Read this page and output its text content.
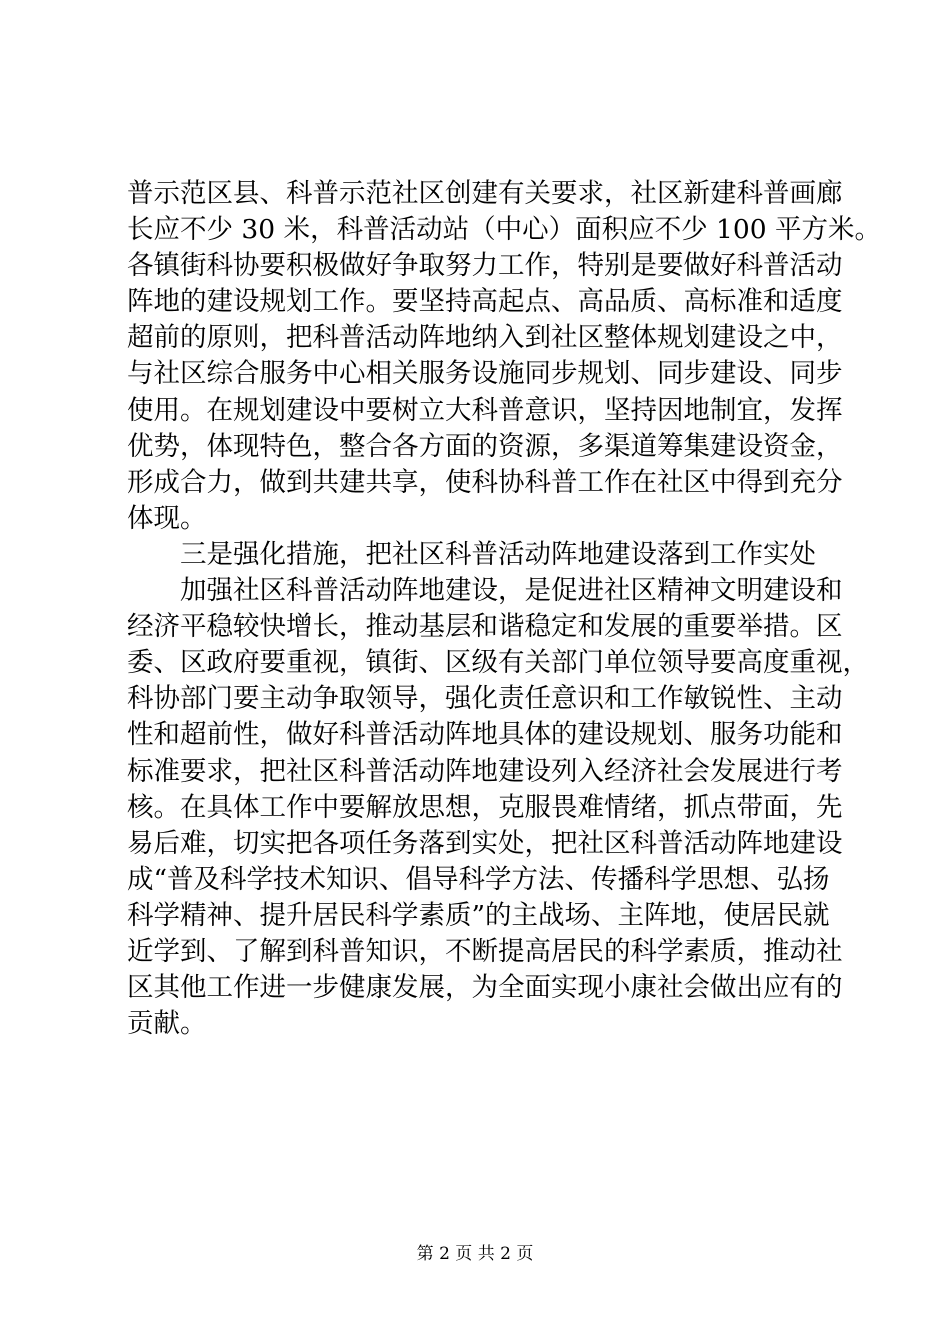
普示范区县、科普示范社区创建有关要求，社区新建科普画廊
长应不少 30 米，科普活动站（中心）面积应不少 100 平方米。
各镇街科协要积极做好争取努力工作，特别是要做好科普活动
阵地的建设规划工作。要坚持高起点、高品质、高标准和适度
超前的原则，把科普活动阵地纳入到社区整体规划建设之中，
与社区综合服务中心相关服务设施同步规划、同步建设、同步
使用。在规划建设中要树立大科普意识，坚持因地制宜，发挥
优势，体现特色，整合各方面的资源，多渠道筹集建设资金，
形成合力，做到共建共享，使科协科普工作在社区中得到充分
体现。
三是强化措施，把社区科普活动阵地建设落到工作实处
加强社区科普活动阵地建设，是促进社区精神文明建设和
经济平稳较快增长，推动基层和谐稳定和发展的重要举措。区
委、区政府要重视，镇街、区级有关部门单位领导要高度重视，
科协部门要主动争取领导，强化责任意识和工作敏锐性、主动
性和超前性，做好科普活动阵地具体的建设规划、服务功能和
标准要求，把社区科普活动阵地建设列入经济社会发展进行考
核。在具体工作中要解放思想，克服畏难情绪，抓点带面，先
易后难，切实把各项任务落到实处，把社区科普活动阵地建设
成“普及科学技术知识、倡导科学方法、传播科学思想、弘扬
科学精神、提升居民科学素质”的主战场、主阵地，使居民就
近学到、了解到科普知识，不断提高居民的科学素质，推动社
区其他工作进一步健康发展，为全面实现小康社会做出应有的
贡献。
第 2 页 共 2 页
